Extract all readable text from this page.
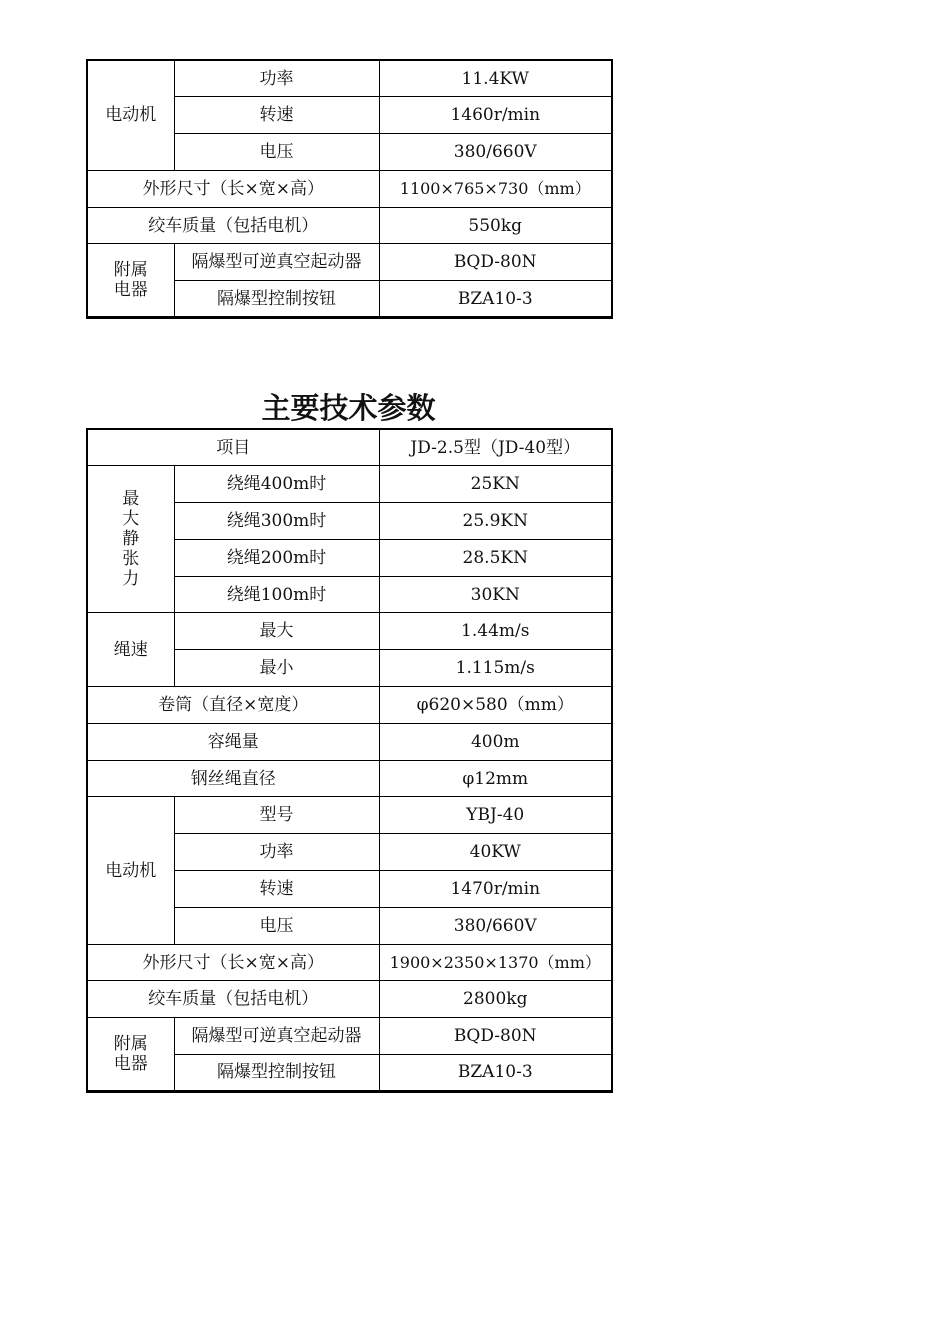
电动机	功率	11.4KW
	转速	1460r/min
	电压	380/660V
外形尺寸（长×宽×高）		1100×765×730（mm）
绞车质量（包括电机）		550kg

附属
电器	隔爆型可逆真空起动器	BQD-80N
	隔爆型控制按钮	BZA10-3
主要技术参数
项目		JD-2.5型（JD-40型）

最
大
静
张
力	绕绳400m时	25KN
	绕绳300m时	25.9KN
	绕绳200m时	28.5KN
	绕绳100m时	30KN
绳速	最大	1.44m/s
	最小	1.115m/s
卷筒（直径×宽度）		φ620×580（mm）
容绳量		400m
钢丝绳直径		φ12mm
电动机	型号	YBJ-40
	功率	40KW
	转速	1470r/min
	电压	380/660V
外形尺寸（长×宽×高）		1900×2350×1370（mm）
绞车质量（包括电机）		2800kg

附属
电器	隔爆型可逆真空起动器	BQD-80N
	隔爆型控制按钮	BZA10-3
